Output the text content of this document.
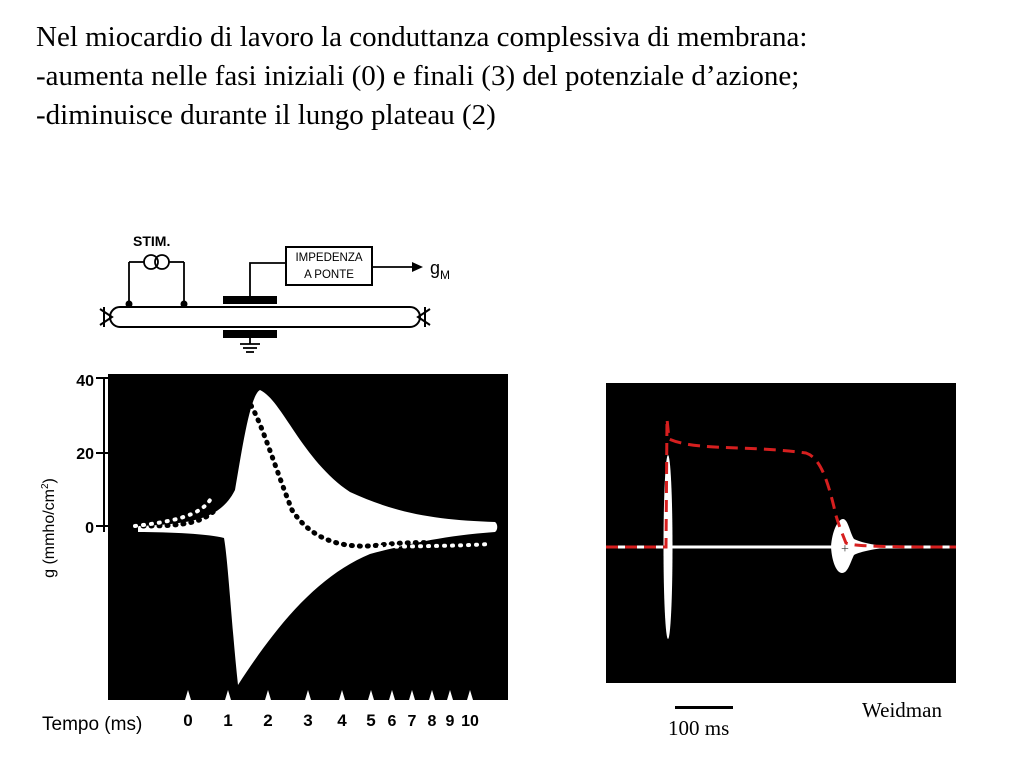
Nel miocardio di lavoro la conduttanza complessiva di membrana:
-aumenta nelle fasi iniziali (0) e finali (3) del potenziale d’azione;
-diminuisce durante il lungo plateau (2)
STIM.
IMPEDENZA
A PONTE	$g_M$
g $(mmho/cm^2)$
40
20
0
Tempo (ms) 0 1 2 3 4 5 6 7 8 9 10
+
100 ms
Weidman
